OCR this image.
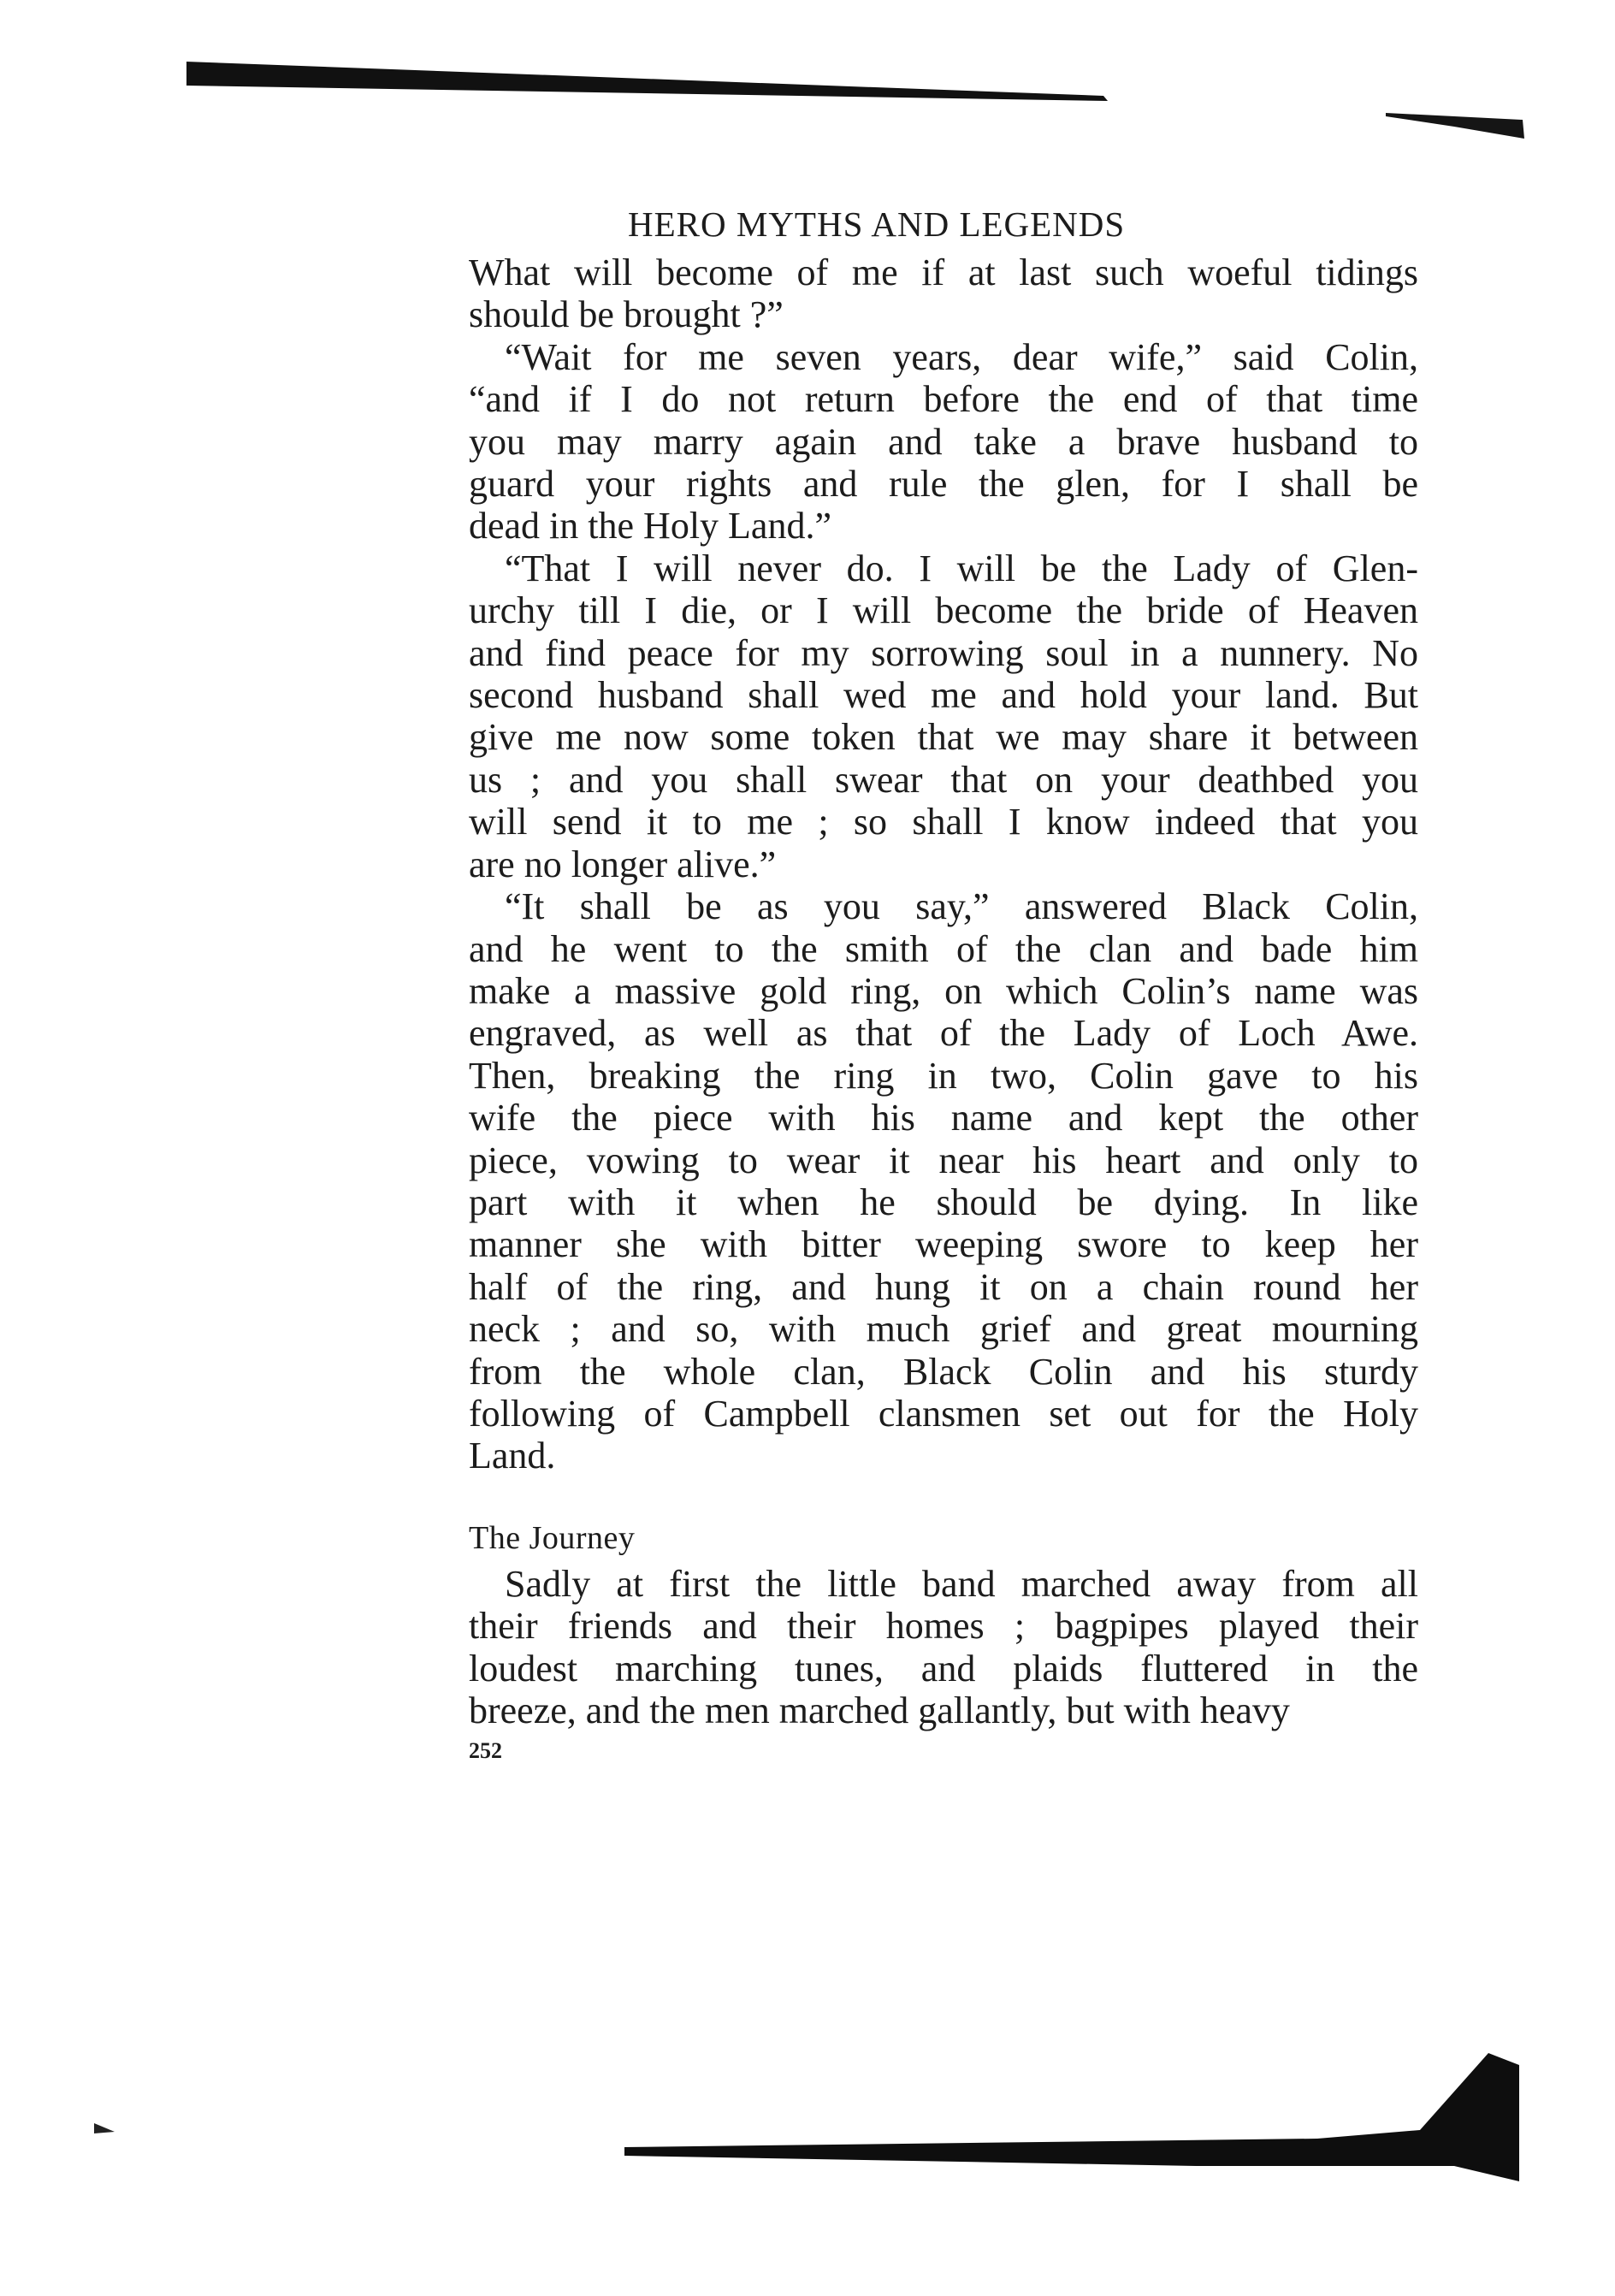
HERO MYTHS AND LEGENDS
What will become of me if at last such woeful tidings
should be brought ?”
“Wait for me seven years, dear wife,” said Colin,
“and if I do not return before the end of that time
you may marry again and take a brave husband to
guard your rights and rule the glen, for I shall be
dead in the Holy Land.”
“That I will never do. I will be the Lady of Glen-
urchy till I die, or I will become the bride of Heaven
and find peace for my sorrowing soul in a nunnery. No
second husband shall wed me and hold your land. But
give me now some token that we may share it between
us ; and you shall swear that on your deathbed you
will send it to me ; so shall I know indeed that you
are no longer alive.”
“It shall be as you say,” answered Black Colin,
and he went to the smith of the clan and bade him
make a massive gold ring, on which Colin’s name was
engraved, as well as that of the Lady of Loch Awe.
Then, breaking the ring in two, Colin gave to his
wife the piece with his name and kept the other
piece, vowing to wear it near his heart and only to
part with it when he should be dying. In like
manner she with bitter weeping swore to keep her
half of the ring, and hung it on a chain round her
neck ; and so, with much grief and great mourning
from the whole clan, Black Colin and his sturdy
following of Campbell clansmen set out for the Holy
Land.
The Journey
Sadly at first the little band marched away from all
their friends and their homes ; bagpipes played their
loudest marching tunes, and plaids fluttered in the
breeze, and the men marched gallantly, but with heavy
252
